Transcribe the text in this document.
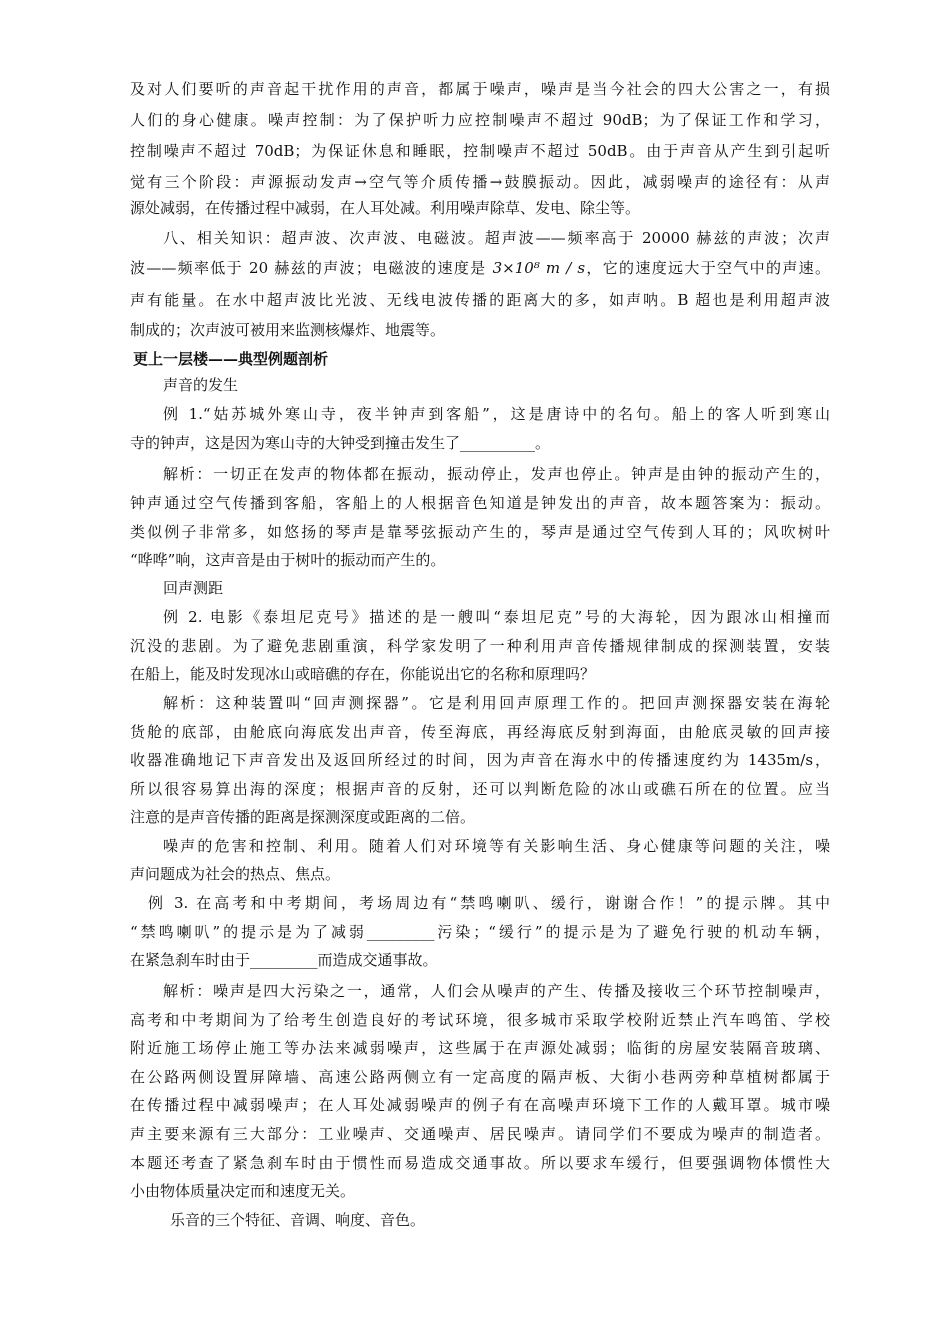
及对人们要听的声音起干扰作用的声音，都属于噪声，噪声是当今社会的四大公害之一，有损
人们的身心健康。噪声控制：为了保护听力应控制噪声不超过 90dB；为了保证工作和学习，
控制噪声不超过 70dB；为保证休息和睡眠，控制噪声不超过 50dB。由于声音从产生到引起听
觉有三个阶段：声源振动发声→空气等介质传播→鼓膜振动。因此，减弱噪声的途径有：从声
源处减弱，在传播过程中减弱，在人耳处减。利用噪声除草、发电、除尘等。
八、相关知识：超声波、次声波、电磁波。超声波——频率高于 20000 赫兹的声波；次声
波——频率低于 20 赫兹的声波；电磁波的速度是 3×10⁸ m / s，它的速度远大于空气中的声速。
声有能量。在水中超声波比光波、无线电波传播的距离大的多，如声呐。B 超也是利用超声波
制成的；次声波可被用来监测核爆炸、地震等。
更上一层楼——典型例题剖析
声音的发生
例 1.“姑苏城外寒山寺，夜半钟声到客船”，这是唐诗中的名句。船上的客人听到寒山
寺的钟声，这是因为寒山寺的大钟受到撞击发生了__________。
解析：一切正在发声的物体都在振动，振动停止，发声也停止。钟声是由钟的振动产生的，
钟声通过空气传播到客船，客船上的人根据音色知道是钟发出的声音，故本题答案为：振动。
类似例子非常多，如悠扬的琴声是靠琴弦振动产生的，琴声是通过空气传到人耳的；风吹树叶
“哗哗”响，这声音是由于树叶的振动而产生的。
回声测距
例 2. 电影《泰坦尼克号》描述的是一艘叫“泰坦尼克”号的大海轮，因为跟冰山相撞而
沉没的悲剧。为了避免悲剧重演，科学家发明了一种利用声音传播规律制成的探测装置，安装
在船上，能及时发现冰山或暗礁的存在，你能说出它的名称和原理吗？
解析：这种装置叫“回声测探器”。它是利用回声原理工作的。把回声测探器安装在海轮
货舱的底部，由舱底向海底发出声音，传至海底，再经海底反射到海面，由舱底灵敏的回声接
收器准确地记下声音发出及返回所经过的时间，因为声音在海水中的传播速度约为 1435m/s，
所以很容易算出海的深度；根据声音的反射，还可以判断危险的冰山或礁石所在的位置。应当
注意的是声音传播的距离是探测深度或距离的二倍。
噪声的危害和控制、利用。随着人们对环境等有关影响生活、身心健康等问题的关注，噪
声问题成为社会的热点、焦点。
例 3. 在高考和中考期间，考场周边有“禁鸣喇叭、缓行，谢谢合作！”的提示牌。其中
“禁鸣喇叭”的提示是为了减弱_________污染；“缓行”的提示是为了避免行驶的机动车辆，
在紧急刹车时由于_________而造成交通事故。
解析：噪声是四大污染之一，通常，人们会从噪声的产生、传播及接收三个环节控制噪声，
高考和中考期间为了给考生创造良好的考试环境，很多城市采取学校附近禁止汽车鸣笛、学校
附近施工场停止施工等办法来减弱噪声，这些属于在声源处减弱；临街的房屋安装隔音玻璃、
在公路两侧设置屏障墙、高速公路两侧立有一定高度的隔声板、大街小巷两旁种草植树都属于
在传播过程中减弱噪声；在人耳处减弱噪声的例子有在高噪声环境下工作的人戴耳罩。城市噪
声主要来源有三大部分：工业噪声、交通噪声、居民噪声。请同学们不要成为噪声的制造者。
本题还考查了紧急刹车时由于惯性而易造成交通事故。所以要求车缓行，但要强调物体惯性大
小由物体质量决定而和速度无关。
乐音的三个特征、音调、响度、音色。
